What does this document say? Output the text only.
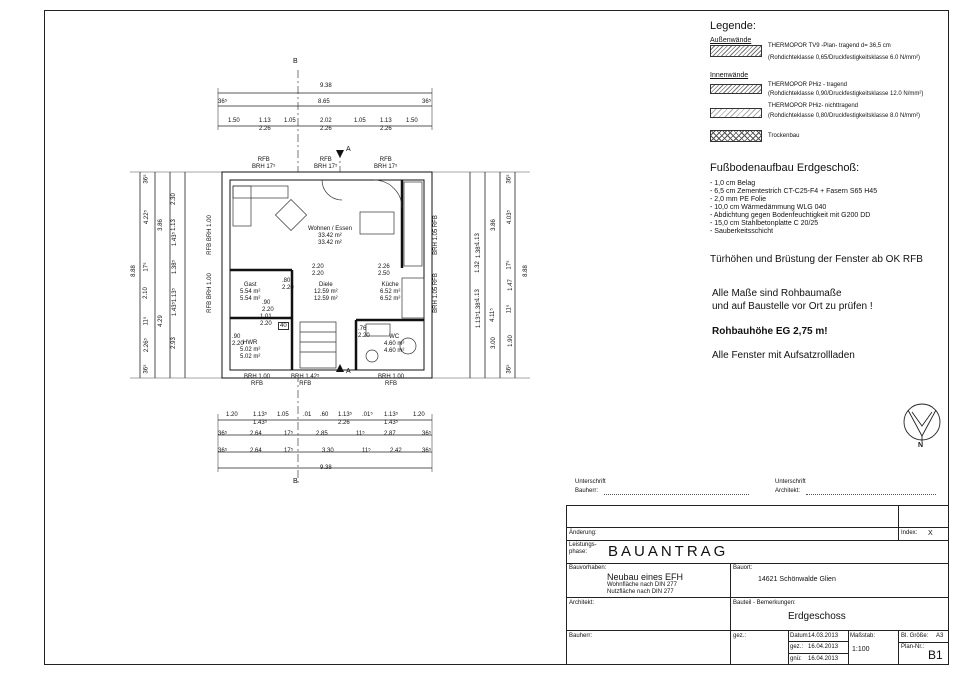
B
B
A
A
9.38
36⁵	8.65	36⁵
1.50	1.13 1.05	2.02	1.05 1.13 1.50
2.26	2.26	2.26
1.20	1.13⁵ 1.05 .01 .60 1.13⁵ .01⁵ 1.13⁵ 1.20
1.43⁵	2.26	1.43⁵
36⁵	2.64	17⁵	2.85	11⁵	2.87	36⁵
36⁵	2.64	17⁵	3.30	11⁵	2.42	36⁵
9.38
8.88
36⁵
4.22⁵
17⁵
2.10
11⁵
2.26⁵
36⁵
3.86
4.29
2.30
1.13
1.43⁵
1.38⁵
1.13⁵
1.43⁵
2.93
8.88
36⁵
4.03⁵
17⁵
1.47
11⁵
1.90
36⁵
3.86
4.11⁵
3.00
1.13
1.38⁵
1.32
1.13
1.38⁵
1.13⁵
RFB
BRH 17⁵
RFB
BRH 17⁵
RFB
BRH 17⁵
BRH 1.00
RFB
BRH 1.42⁵
RFB
BRH 1.00
RFB
RFB BRH 1.00
RFB BRH 1.00
BRH 1.05 RFB
BRH 1.05 RFB
Wohnen / Essen
33.42 m²
33.42 m²
Diele
12.59 m²
12.59 m²
Küche
6.52 m²
6.52 m²
Gast
5.54 m²
5.54 m²
HWR
5.02 m²
5.02 m²
WC
4.60 m²
4.60 m²
.80
2.20
1.01
2.20
.90
2.20
2.20
2.20
2.26
2.50
.76
2.20
.90
2.20
40
Legende:
Außenwände
THERMOPOR TV9 -Plan- tragend d= 36,5 cm
(Rohdichteklasse 0,65/Druckfestigkeitsklasse 6.0 N/mm²)
Innenwände
THERMOPOR PHiz - tragend
(Rohdichteklasse 0,90/Druckfestigkeitsklasse 12.0 N/mm²)
THERMOPOR PHiz- nichttragend
(Rohdichteklasse 0,80/Druckfestigkeitsklasse 8.0 N/mm²)
Trockenbau
Fußbodenaufbau Erdgeschoß:
- 1,0 cm Belag
- 6,5 cm Zementestrich CT-C25-F4 + Fasern S65 H45
- 2,0 mm PE Folie
- 10,0 cm Wärmedämmung WLG 040
- Abdichtung gegen Bodenfeuchtigkeit mit G200 DD
- 15,0 cm Stahlbetonplatte C 20/25
- Sauberkeitsschicht
Türhöhen und Brüstung der Fenster ab OK RFB
Alle Maße sind Rohbaumaße
und auf Baustelle vor Ort zu prüfen !
Rohbauhöhe EG 2,75 m!
Alle Fenster mit Aufsatzrollladen
N
Unterschrift
Bauherr:
Unterschrift
Architekt:
Änderung:	Index: X
Leistungs-
phase:	BAUANTRAG
Bauvorhaben:
Neubau eines EFH
Wohnfläche nach DIN 277
Nutzfläche nach DIN 277
Bauort:
14621 Schönwalde Glien
Architekt:	Bauteil - Bemerkungen:
Erdgeschoss
Bauherr:	gez.:	Datum 14.03.2013
gez.: 16.04.2013
gnü: 16.04.2013
Maßstab:
1:100
Bl. Größe: A3
Plan-Nr.:
B1
